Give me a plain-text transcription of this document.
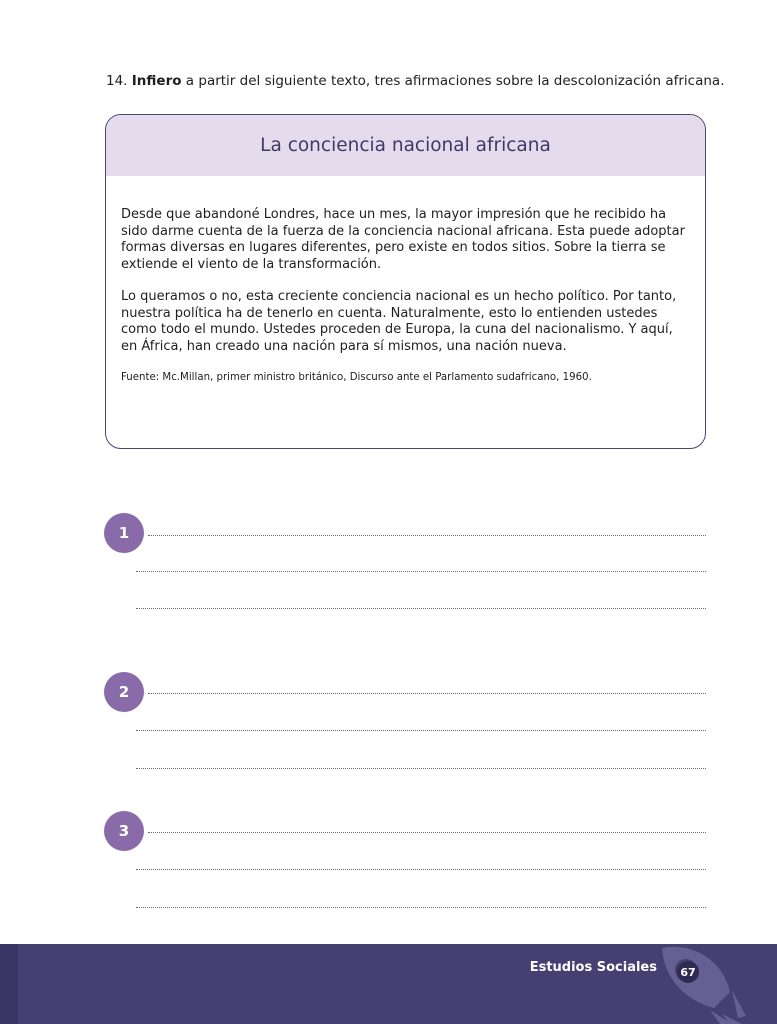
14. Infiero a partir del siguiente texto, tres afirmaciones sobre la descolonización africana.
La conciencia nacional africana

Desde que abandoné Londres, hace un mes, la mayor impresión que he recibido ha sido darme cuenta de la fuerza de la conciencia nacional africana. Esta puede adoptar formas diversas en lugares diferentes, pero existe en todos sitios. Sobre la tierra se extiende el viento de la transformación.

Lo queramos o no, esta creciente conciencia nacional es un hecho político. Por tanto, nuestra política ha de tenerlo en cuenta. Naturalmente, esto lo entienden ustedes como todo el mundo. Ustedes proceden de Europa, la cuna del nacionalismo. Y aquí, en África, han creado una nación para sí mismos, una nación nueva.

Fuente: Mc.Millan, primer ministro británico, Discurso ante el Parlamento sudafricano, 1960.

1
2
3
Estudios Sociales	67
